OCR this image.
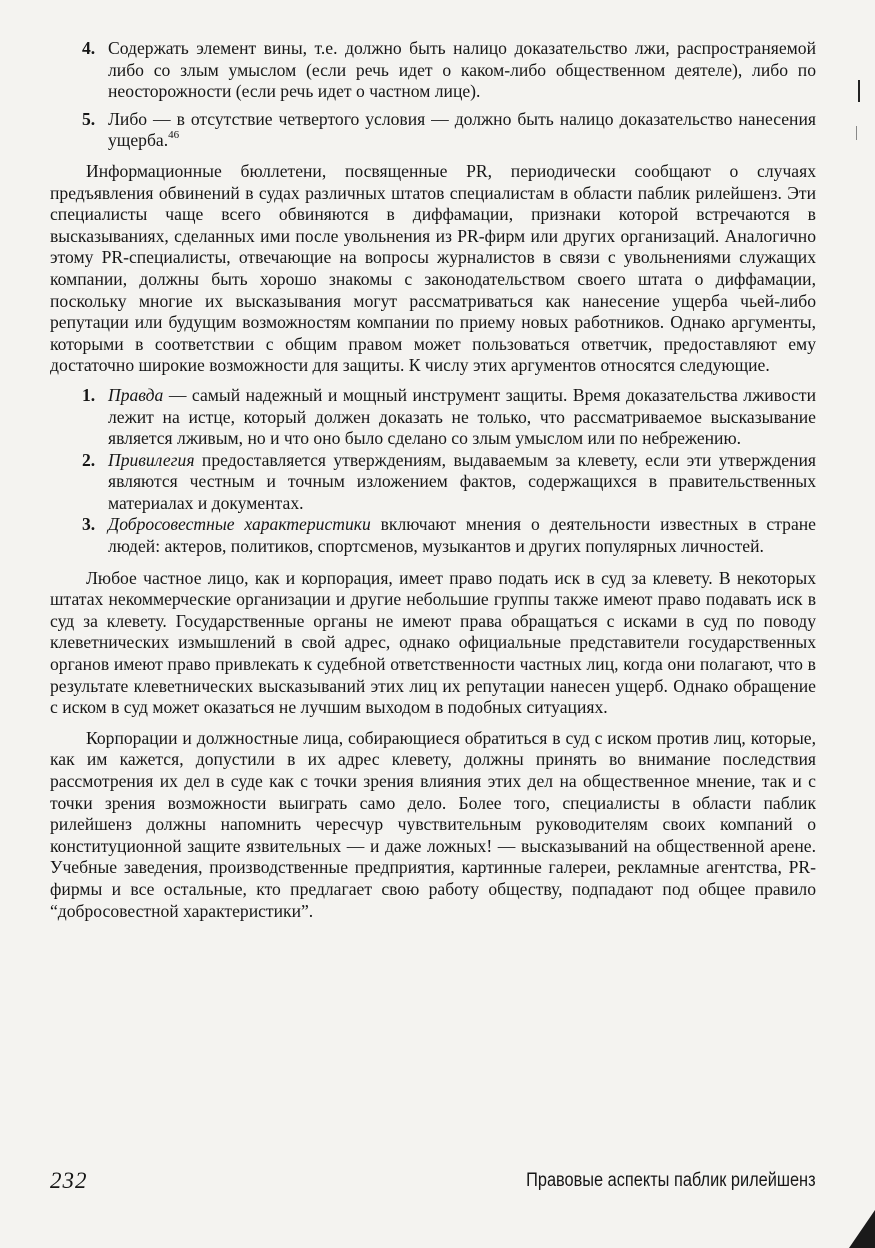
4. Содержать элемент вины, т.е. должно быть налицо доказательство лжи, распространяемой либо со злым умыслом (если речь идет о каком-либо общественном деятеле), либо по неосторожности (если речь идет о частном лице).
5. Либо — в отсутствие четвертого условия — должно быть налицо доказательство нанесения ущерба.$^{46}$

Информационные бюллетени, посвященные PR, периодически сообщают о случаях предъявления обвинений в судах различных штатов специалистам в области паблик рилейшенз. Эти специалисты чаще всего обвиняются в диффамации, признаки которой встречаются в высказываниях, сделанных ими после увольнения из PR-фирм или других организаций. Аналогично этому PR-специалисты, отвечающие на вопросы журналистов в связи с увольнениями служащих компании, должны быть хорошо знакомы с законодательством своего штата о диффамации, поскольку многие их высказывания могут рассматриваться как нанесение ущерба чьей-либо репутации или будущим возможностям компании по приему новых работников. Однако аргументы, которыми в соответствии с общим правом может пользоваться ответчик, предоставляют ему достаточно широкие возможности для защиты. К числу этих аргументов относятся следующие.

1. Правда — самый надежный и мощный инструмент защиты. Время доказательства лживости лежит на истце, который должен доказать не только, что рассматриваемое высказывание является лживым, но и что оно было сделано со злым умыслом или по небрежению.
2. Привилегия предоставляется утверждениям, выдаваемым за клевету, если эти утверждения являются честным и точным изложением фактов, содержащихся в правительственных материалах и документах.
3. Добросовестные характеристики включают мнения о деятельности известных в стране людей: актеров, политиков, спортсменов, музыкантов и других популярных личностей.

Любое частное лицо, как и корпорация, имеет право подать иск в суд за клевету. В некоторых штатах некоммерческие организации и другие небольшие группы также имеют право подавать иск в суд за клевету. Государственные органы не имеют права обращаться с исками в суд по поводу клеветнических измышлений в свой адрес, однако официальные представители государственных органов имеют право привлекать к судебной ответственности частных лиц, когда они полагают, что в результате клеветнических высказываний этих лиц их репутации нанесен ущерб. Однако обращение с иском в суд может оказаться не лучшим выходом в подобных ситуациях.

Корпорации и должностные лица, собирающиеся обратиться в суд с иском против лиц, которые, как им кажется, допустили в их адрес клевету, должны принять во внимание последствия рассмотрения их дел в суде как с точки зрения влияния этих дел на общественное мнение, так и с точки зрения возможности выиграть само дело. Более того, специалисты в области паблик рилейшенз должны напомнить чересчур чувствительным руководителям своих компаний о конституционной защите язвительных — и даже ложных! — высказываний на общественной арене. Учебные заведения, производственные предприятия, картинные галереи, рекламные агентства, PR-фирмы и все остальные, кто предлагает свою работу обществу, подпадают под общее правило “добросовестной характеристики”.

232	Правовые аспекты паблик рилейшенз
